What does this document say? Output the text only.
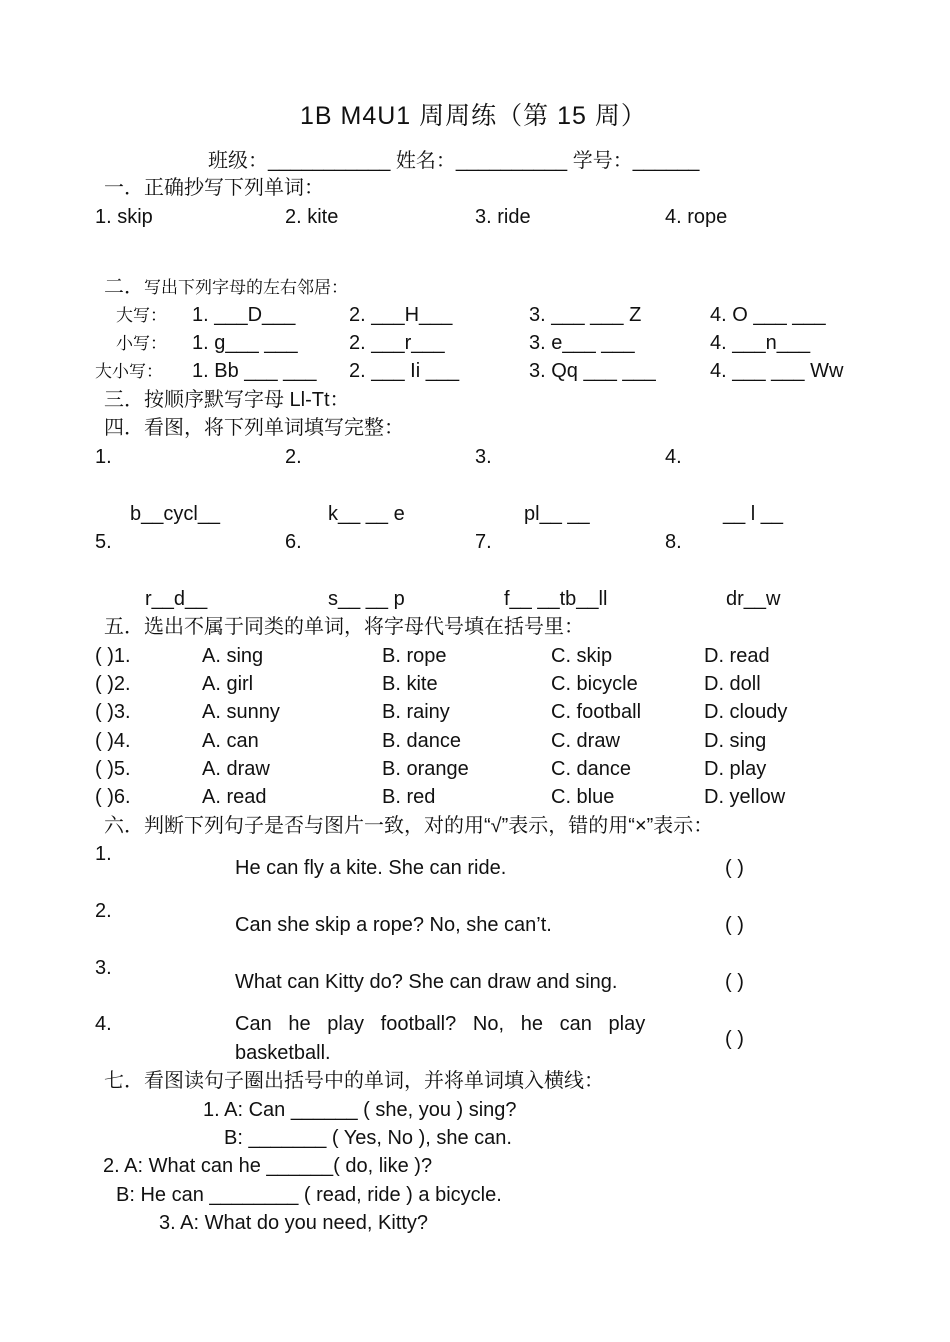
1B M4U1 周周练（第 15 周）
班级：___________ 姓名：__________ 学号：______
一．正确抄写下列单词：
1. skip	2. kite	3. ride	4. rope
二．写出下列字母的左右邻居：
大写： 1. ___D___	2. ___H___	3. ___ ___ Z	4. O ___ ___
小写： 1. g___ ___	2. ___r___	3. e___ ___	4. ___n___
大小写： 1. Bb ___ ___ 2. ___ Ii ___	3. Qq ___ ___	4. ___ ___ Ww
三．按顺序默写字母 Ll-Tt：
四．看图，将下列单词填写完整：
1.	2.	3.	4.
b__cycl__	k__ __ e	pl__ __	__ l __
5.	6.	7.	8.
r__d__	s__ __ p	f__ __tb__ll	dr__w
五．选出不属于同类的单词，将字母代号填在括号里：
( )1.	A. sing	B. rope	C. skip	D. read
( )2.	A. girl	B. kite	C. bicycle	D. doll
( )3.	A. sunny	B. rainy	C. football	D. cloudy
( )4.	A. can	B. dance	C. draw	D. sing
( )5.	A. draw	B. orange	C. dance	D. play
( )6.	A. read	B. red	C. blue	D. yellow
六．判断下列句子是否与图片一致，对的用“√”表示，错的用“×”表示：
1.
He can fly a kite. She can ride.	( )
2.
Can she skip a rope? No, she can’t.	( )
3.
What can Kitty do? She can draw and sing.	( )
4.	Can   he   play   football?   No,   he   can   play
basketball.
( )
七．看图读句子圈出括号中的单词，并将单词填入横线：
1. A: Can ______ ( she, you ) sing?
B: _______ ( Yes, No ), she can.
2. A: What can he ______( do, like )?
B: He can ________ ( read, ride ) a bicycle.
3. A: What do you need, Kitty?
